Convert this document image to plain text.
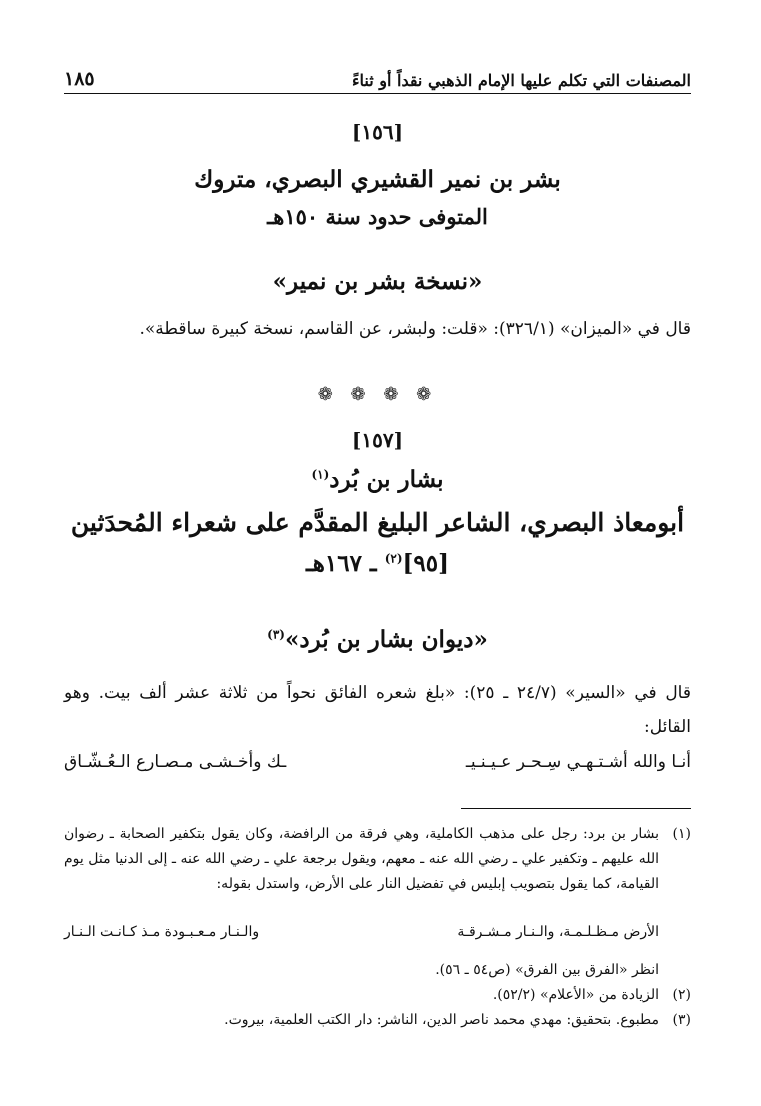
المصنفات التي تكلم عليها الإمام الذهبي نقداً أو ثناءً
١٨٥
[١٥٦]
بشر بن نمير القشيري البصري، متروك
المتوفى حدود سنة ١٥٠هـ
«نسخة بشر بن نمير»
قال في «الميزان» (٣٢٦/١): «قلت: ولبشر، عن القاسم، نسخة كبيرة ساقطة».
❁ ❁ ❁ ❁
[١٥٧]
بشار بن بُرد$^{(١)}$
أبومعاذ البصري، الشاعر البليغ المقدَّم على شعراء المُحدَثين
[٩٥]$^{(٢)}$ ـ ١٦٧هـ
«ديوان بشار بن بُرد»$^{(٣)}$
قال في «السير» (٢٤/٧ ـ ٢٥): «بلغ شعره الفائق نحواً من ثلاثة عشر ألف بيت. وهو القائل:
أنـا والله أشـتـهـي سِـحـر عـيـنـيـ
ـك وأخـشـى مـصـارع الـعُـشّـاق
(١)
بشار بن برد: رجل على مذهب الكاملية، وهي فرقة من الرافضة، وكان يقول بتكفير الصحابة ـ رضوان الله عليهم ـ وتكفير علي ـ رضي الله عنه ـ معهم، ويقول برجعة علي ـ رضي الله عنه ـ إلى الدنيا مثل يوم القيامة، كما يقول بتصويب إبليس في تفضيل النار على الأرض، واستدل بقوله:
الأرض مـظـلـمـة، والـنـار مـشـرقـة
والـنـار مـعـبـودة مـذ كـانـت الـنـار
انظر «الفرق بين الفرق» (ص٥٤ ـ ٥٦).
(٢)
الزيادة من «الأعلام» (٥٢/٢).
(٣)
مطبوع. بتحقيق: مهدي محمد ناصر الدين، الناشر: دار الكتب العلمية، بيروت.
